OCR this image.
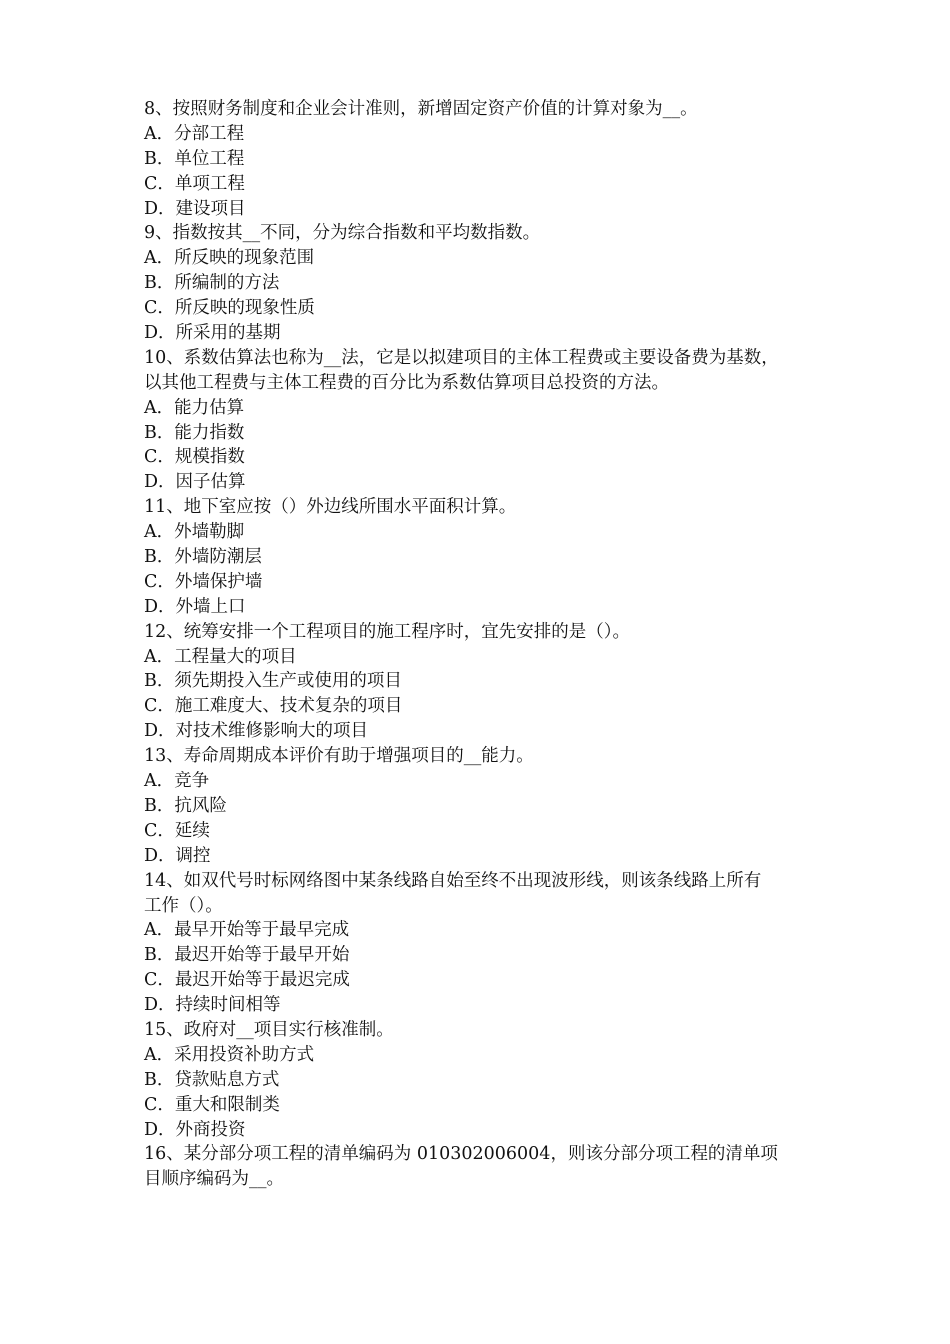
8、按照财务制度和企业会计准则，新增固定资产价值的计算对象为__。
A．分部工程
B．单位工程
C．单项工程
D．建设项目
9、指数按其__不同，分为综合指数和平均数指数。
A．所反映的现象范围
B．所编制的方法
C．所反映的现象性质
D．所采用的基期
10、系数估算法也称为__法，它是以拟建项目的主体工程费或主要设备费为基数，
以其他工程费与主体工程费的百分比为系数估算项目总投资的方法。
A．能力估算
B．能力指数
C．规模指数
D．因子估算
11、地下室应按（）外边线所围水平面积计算。
A．外墙勒脚
B．外墙防潮层
C．外墙保护墙
D．外墙上口
12、统筹安排一个工程项目的施工程序时，宜先安排的是（）。
A．工程量大的项目
B．须先期投入生产或使用的项目
C．施工难度大、技术复杂的项目
D．对技术维修影响大的项目
13、寿命周期成本评价有助于增强项目的__能力。
A．竞争
B．抗风险
C．延续
D．调控
14、如双代号时标网络图中某条线路自始至终不出现波形线，则该条线路上所有
工作（）。
A．最早开始等于最早完成
B．最迟开始等于最早开始
C．最迟开始等于最迟完成
D．持续时间相等
15、政府对__项目实行核准制。
A．采用投资补助方式
B．贷款贴息方式
C．重大和限制类
D．外商投资
16、某分部分项工程的清单编码为 010302006004，则该分部分项工程的清单项
目顺序编码为__。
